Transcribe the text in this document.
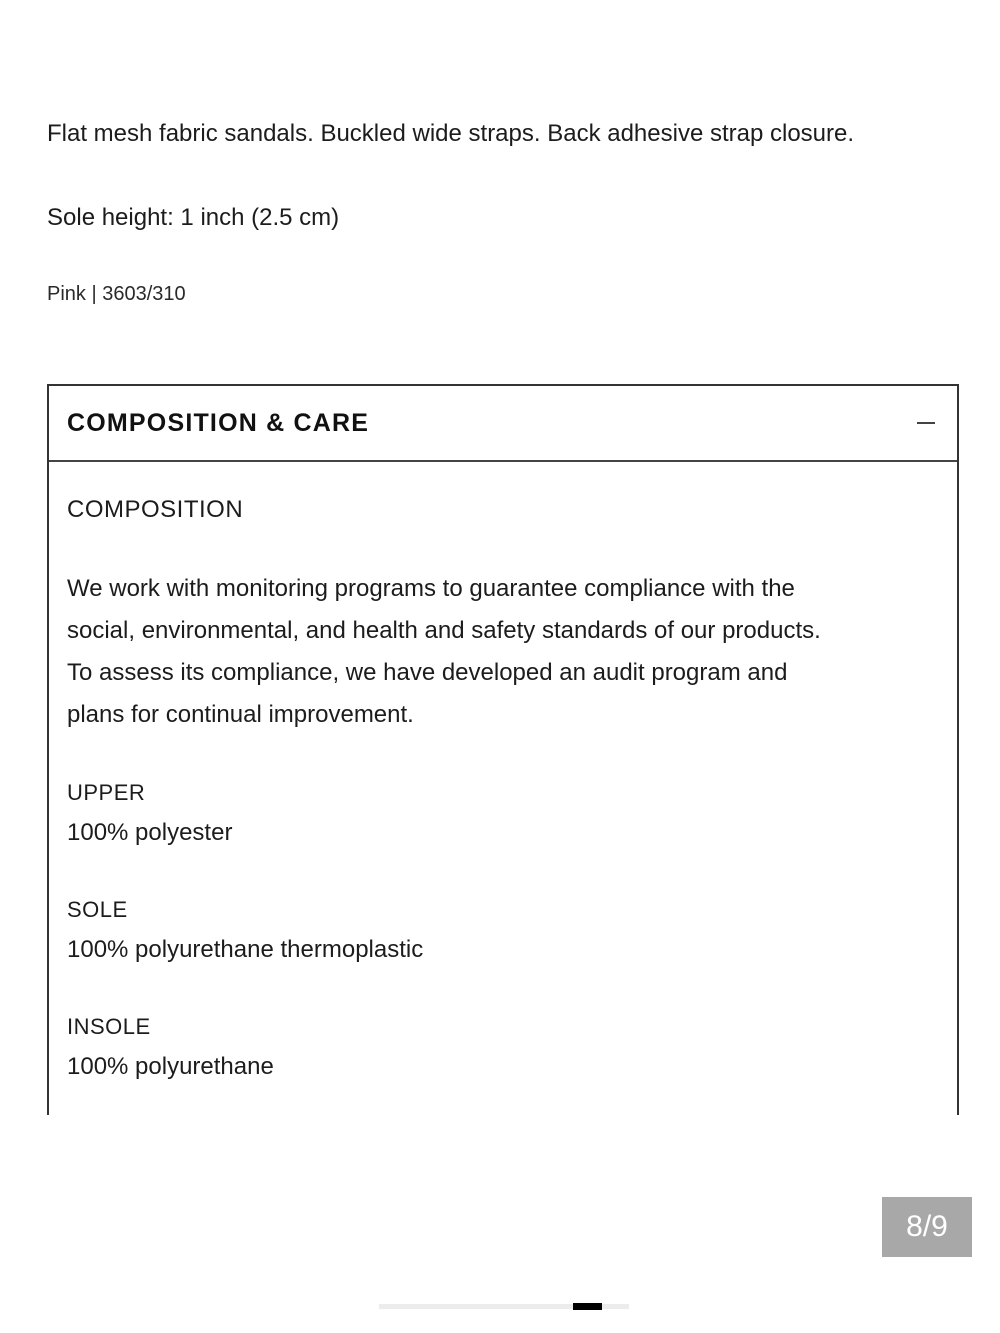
Flat mesh fabric sandals. Buckled wide straps. Back adhesive strap closure.
Sole height: 1 inch (2.5 cm)
Pink | 3603/310
COMPOSITION & CARE
COMPOSITION
We work with monitoring programs to guarantee compliance with the
social, environmental, and health and safety standards of our products.
To assess its compliance, we have developed an audit program and
plans for continual improvement.
UPPER
100% polyester
SOLE
100% polyurethane thermoplastic
INSOLE
100% polyurethane
8/9
